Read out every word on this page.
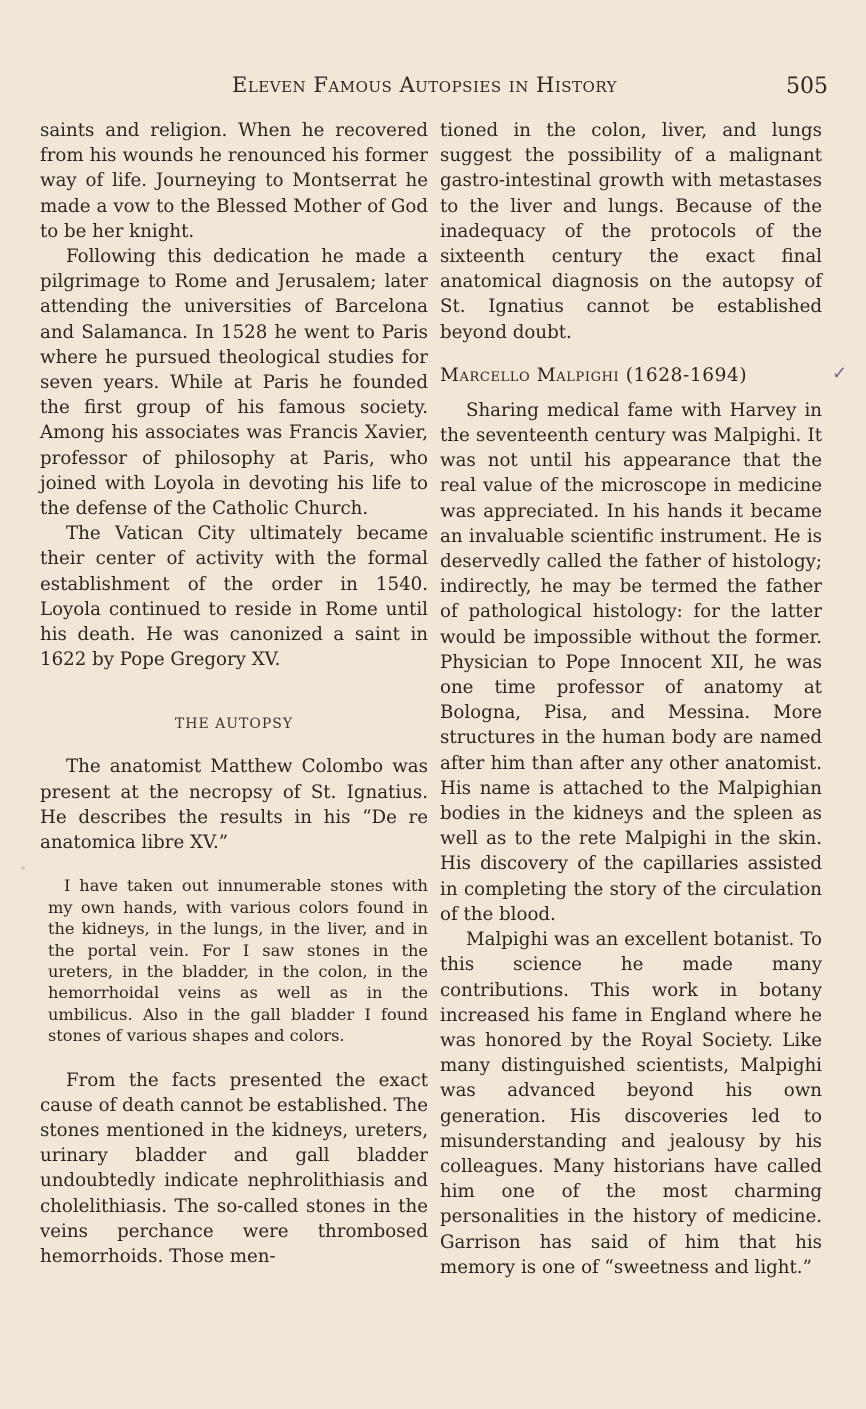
Eleven Famous Autopsies in History	505

saints and religion. When he recovered from his wounds he renounced his former way of life. Journeying to Montserrat he made a vow to the Blessed Mother of God to be her knight.

Following this dedication he made a pilgrimage to Rome and Jerusalem; later attending the universities of Barcelona and Salamanca. In 1528 he went to Paris where he pursued theological studies for seven years. While at Paris he founded the first group of his famous society. Among his associates was Francis Xavier, professor of philosophy at Paris, who joined with Loyola in devoting his life to the defense of the Catholic Church.

The Vatican City ultimately became their center of activity with the formal establishment of the order in 1540. Loyola continued to reside in Rome until his death. He was canonized a saint in 1622 by Pope Gregory XV.

THE AUTOPSY

The anatomist Matthew Colombo was present at the necropsy of St. Ignatius. He describes the results in his “De re anatomica libre XV.”

I have taken out innumerable stones with my own hands, with various colors found in the kidneys, in the lungs, in the liver, and in the portal vein. For I saw stones in the ureters, in the bladder, in the colon, in the hemorrhoidal veins as well as in the umbilicus. Also in the gall bladder I found stones of various shapes and colors.

From the facts presented the exact cause of death cannot be established. The stones mentioned in the kidneys, ureters, urinary bladder and gall bladder undoubtedly indicate nephrolithiasis and cholelithiasis. The so-called stones in the veins perchance were thrombosed hemorrhoids. Those men-

tioned in the colon, liver, and lungs suggest the possibility of a malignant gastro-intestinal growth with metastases to the liver and lungs. Because of the inadequacy of the protocols of the sixteenth century the exact final anatomical diagnosis on the autopsy of St. Ignatius cannot be established beyond doubt.

Marcello Malpighi (1628-1694)	✓

Sharing medical fame with Harvey in the seventeenth century was Malpighi. It was not until his appearance that the real value of the microscope in medicine was appreciated. In his hands it became an invaluable scientific instrument. He is deservedly called the father of histology; indirectly, he may be termed the father of pathological histology: for the latter would be impossible without the former. Physician to Pope Innocent XII, he was one time professor of anatomy at Bologna, Pisa, and Messina. More structures in the human body are named after him than after any other anatomist. His name is attached to the Malpighian bodies in the kidneys and the spleen as well as to the rete Malpighi in the skin. His discovery of the capillaries assisted in completing the story of the circulation of the blood.

Malpighi was an excellent botanist. To this science he made many contributions. This work in botany increased his fame in England where he was honored by the Royal Society. Like many distinguished scientists, Malpighi was advanced beyond his own generation. His discoveries led to misunderstanding and jealousy by his colleagues. Many historians have called him one of the most charming personalities in the history of medicine. Garrison has said of him that his memory is one of “sweetness and light.”
